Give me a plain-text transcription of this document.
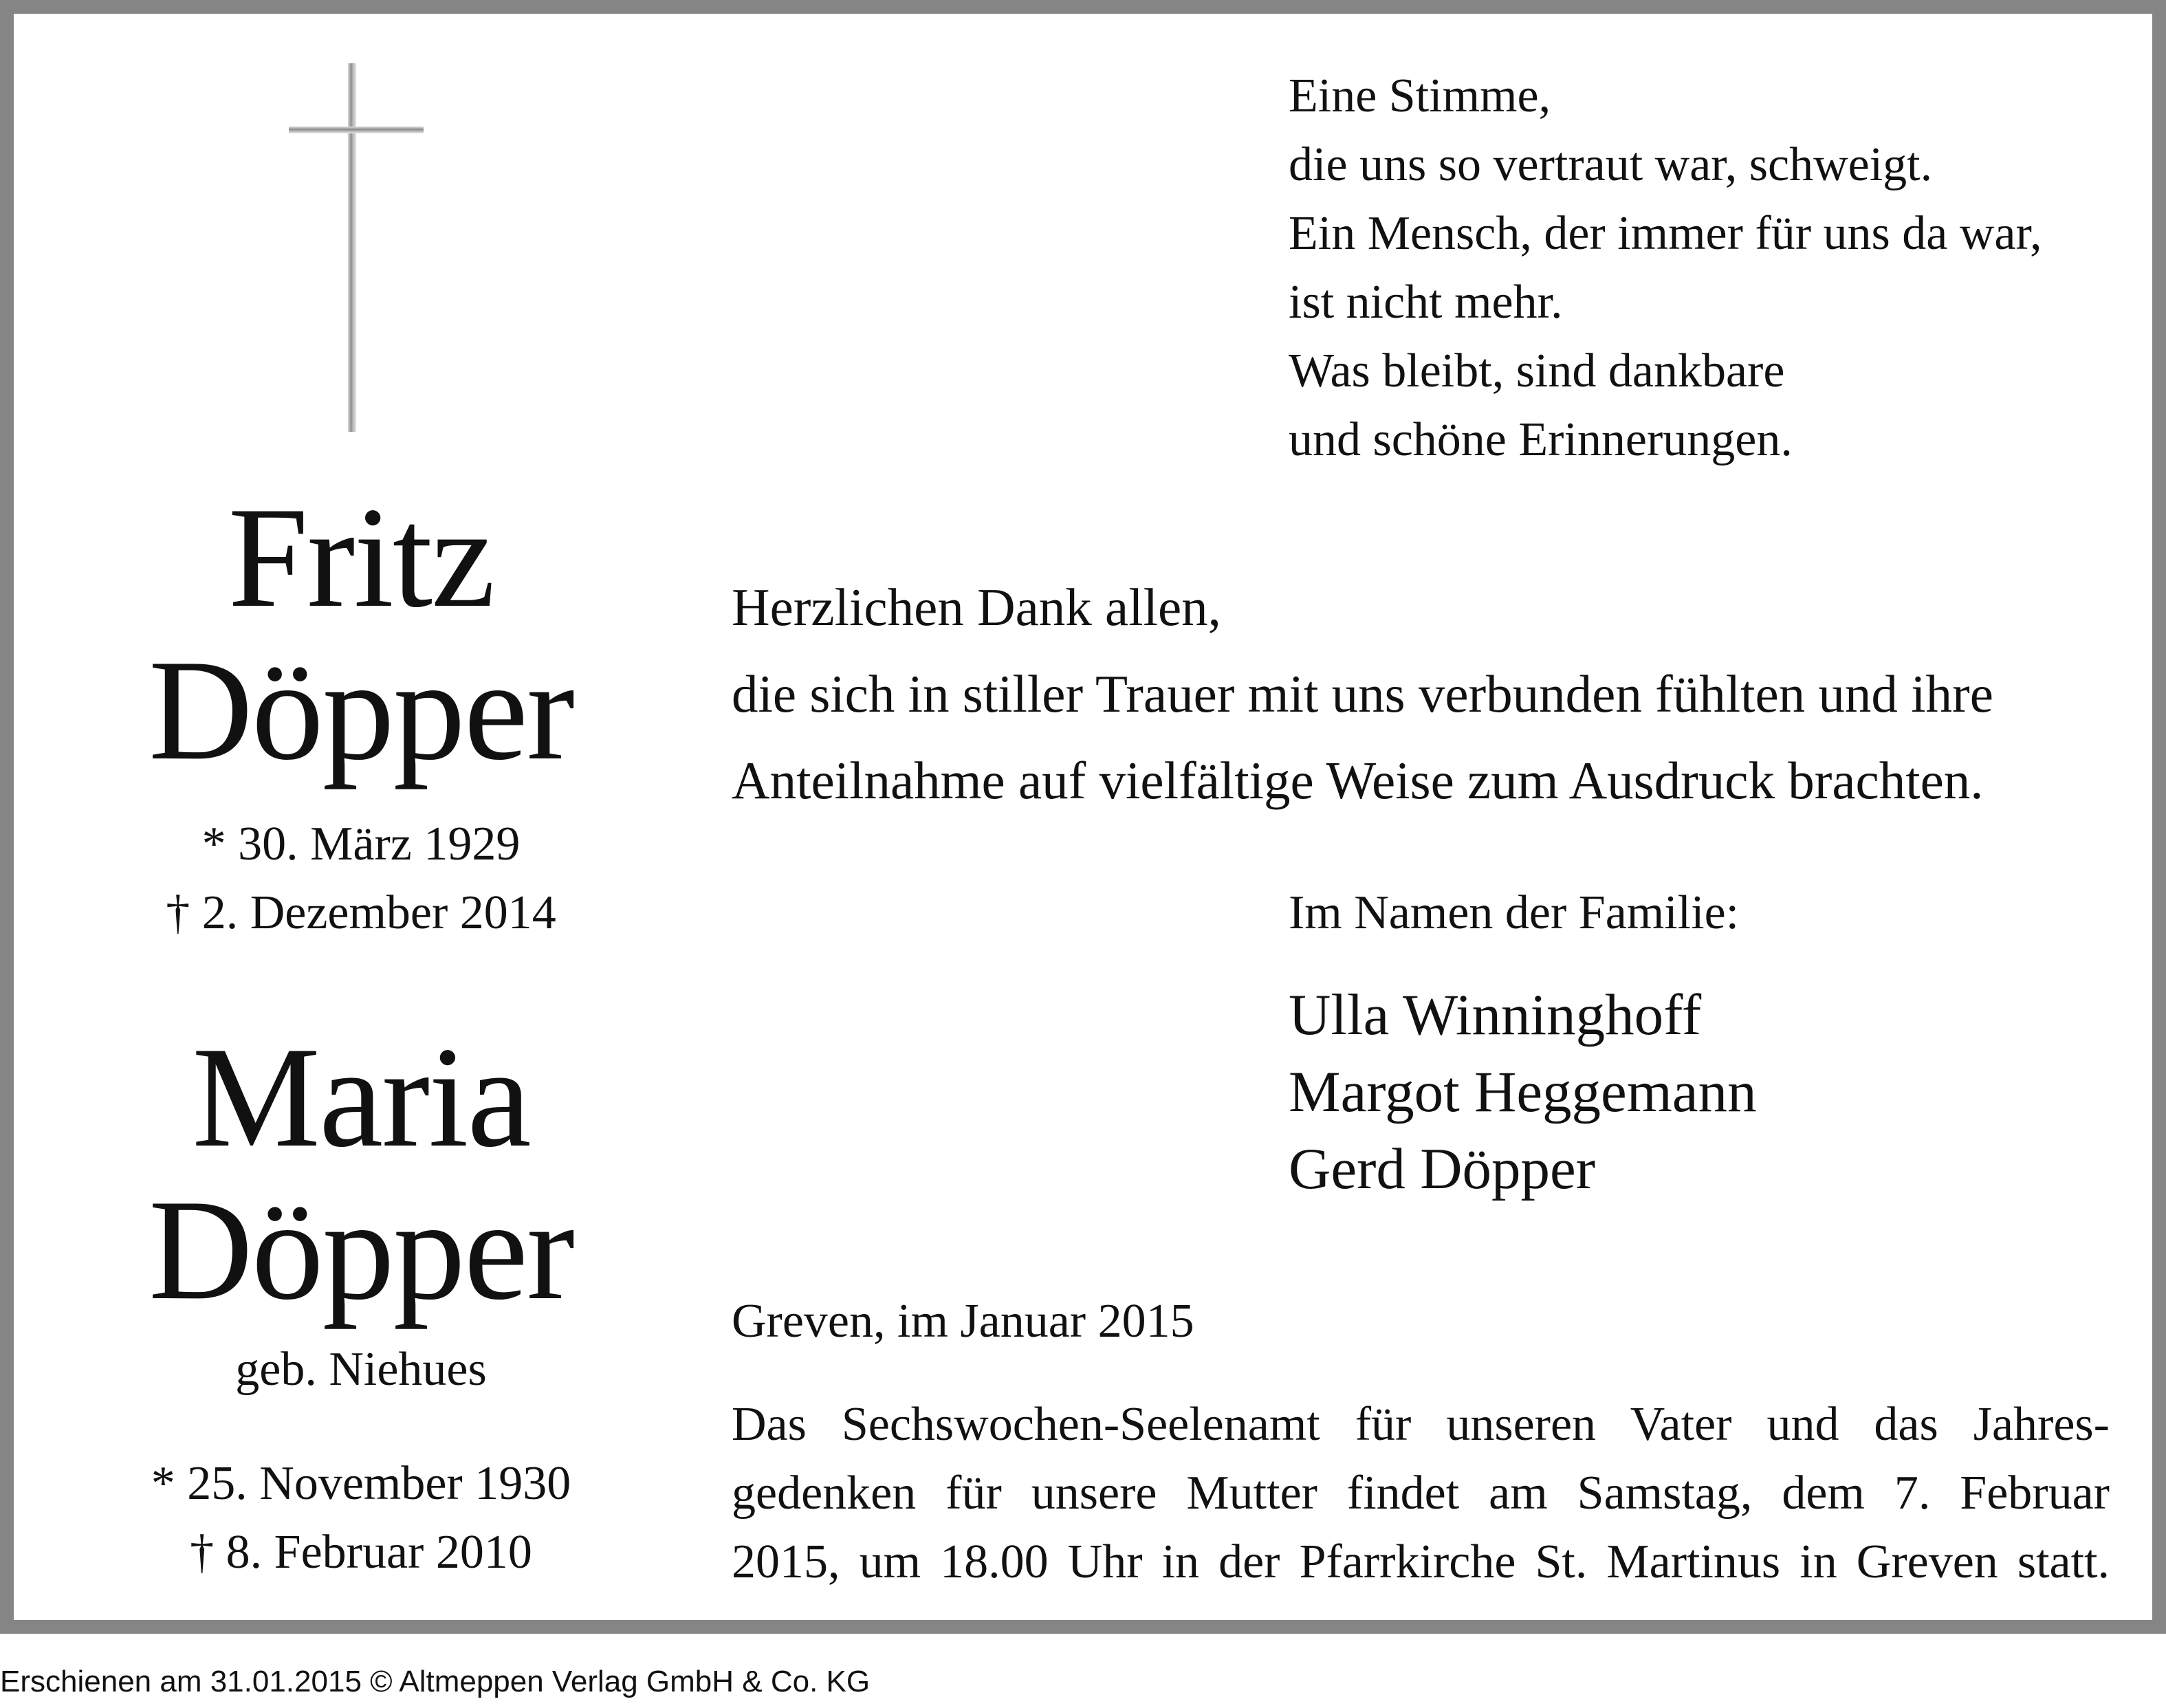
Fritz
Döpper
* 30. März 1929
† 2. Dezember 2014
Maria
Döpper
geb. Niehues
* 25. November 1930
† 8. Februar 2010
Eine Stimme,
die uns so vertraut war, schweigt.
Ein Mensch, der immer für uns da war,
ist nicht mehr.
Was bleibt, sind dankbare
und schöne Erinnerungen.
Herzlichen Dank allen,
die sich in stiller Trauer mit uns verbunden fühlten und ihre
Anteilnahme auf vielfältige Weise zum Ausdruck brachten.
Im Namen der Familie:
Ulla Winninghoff
Margot Heggemann
Gerd Döpper
Greven, im Januar 2015
Das Sechswochen-Seelenamt für unseren Vater und das Jahres-
gedenken für unsere Mutter findet am Samstag, dem 7. Februar
2015, um 18.00 Uhr in der Pfarrkirche St. Martinus in Greven statt.
Erschienen am 31.01.2015 © Altmeppen Verlag GmbH & Co. KG
